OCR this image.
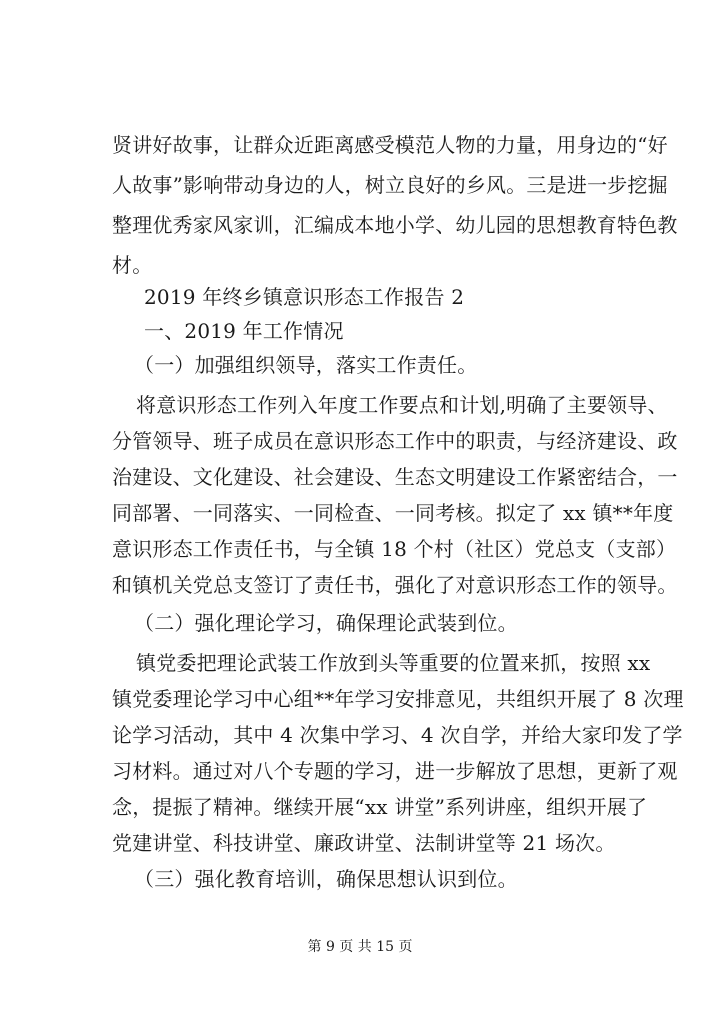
贤讲好故事，让群众近距离感受模范人物的力量，用身边的“好
人故事”影响带动身边的人，树立良好的乡风。三是进一步挖掘
整理优秀家风家训，汇编成本地小学、幼儿园的思想教育特色教
材。
2019 年终乡镇意识形态工作报告 2
一、2019 年工作情况
（一）加强组织领导，落实工作责任。
将意识形态工作列入年度工作要点和计划,明确了主要领导、
分管领导、班子成员在意识形态工作中的职责，与经济建设、政
治建设、文化建设、社会建设、生态文明建设工作紧密结合，一
同部署、一同落实、一同检查、一同考核。拟定了 xx 镇**年度
意识形态工作责任书，与全镇 18 个村（社区）党总支（支部）
和镇机关党总支签订了责任书，强化了对意识形态工作的领导。
（二）强化理论学习，确保理论武装到位。
镇党委把理论武装工作放到头等重要的位置来抓，按照 xx
镇党委理论学习中心组**年学习安排意见，共组织开展了 8 次理
论学习活动，其中 4 次集中学习、4 次自学，并给大家印发了学
习材料。通过对八个专题的学习，进一步解放了思想，更新了观
念，提振了精神。继续开展“xx 讲堂”系列讲座，组织开展了
党建讲堂、科技讲堂、廉政讲堂、法制讲堂等 21 场次。
（三）强化教育培训，确保思想认识到位。
第 9 页 共 15 页
